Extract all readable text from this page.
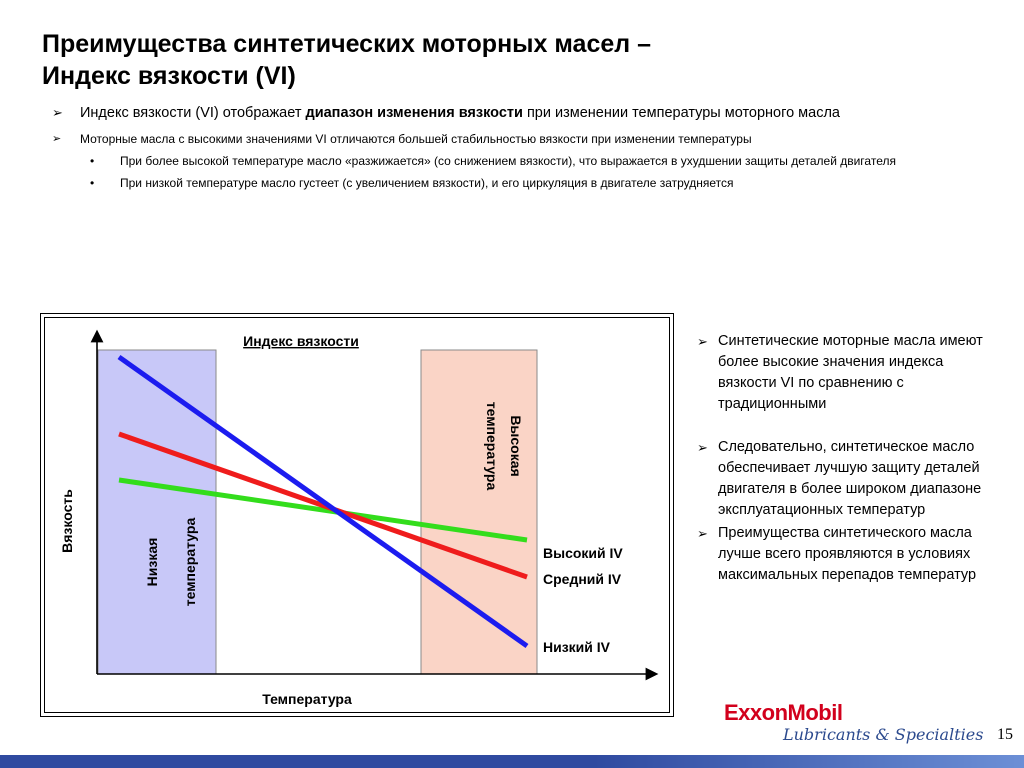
Преимущества синтетических моторных масел –
Индекс вязкости (VI)
➢ Индекс вязкости (VI) отображает диапазон изменения вязкости при изменении температуры моторного масла
➢ Моторные масла с высокими значениями VI отличаются большей стабильностью вязкости при изменении температуры
• При более высокой температуре масло «разжижается» (со снижением вязкости), что выражается в ухудшении защиты деталей двигателя
• При низкой температуре масло густеет (с увеличением вязкости), и его циркуляция в двигателе затрудняется
Индекс вязкости
Вязкость
Температура
Низкая температура
Высокая
температура
Высокий IV
Средний IV
Низкий IV
➢ Синтетические моторные масла имеют более высокие значения индекса вязкости VI по сравнению с традиционными
➢ Следовательно, синтетическое масло обеспечивает лучшую защиту деталей двигателя в более широком диапазоне эксплуатационных температур
➢ Преимущества синтетического масла лучше всего проявляются в условиях максимальных перепадов температур
ExxonMobil
Lubricants & Specialties 15
